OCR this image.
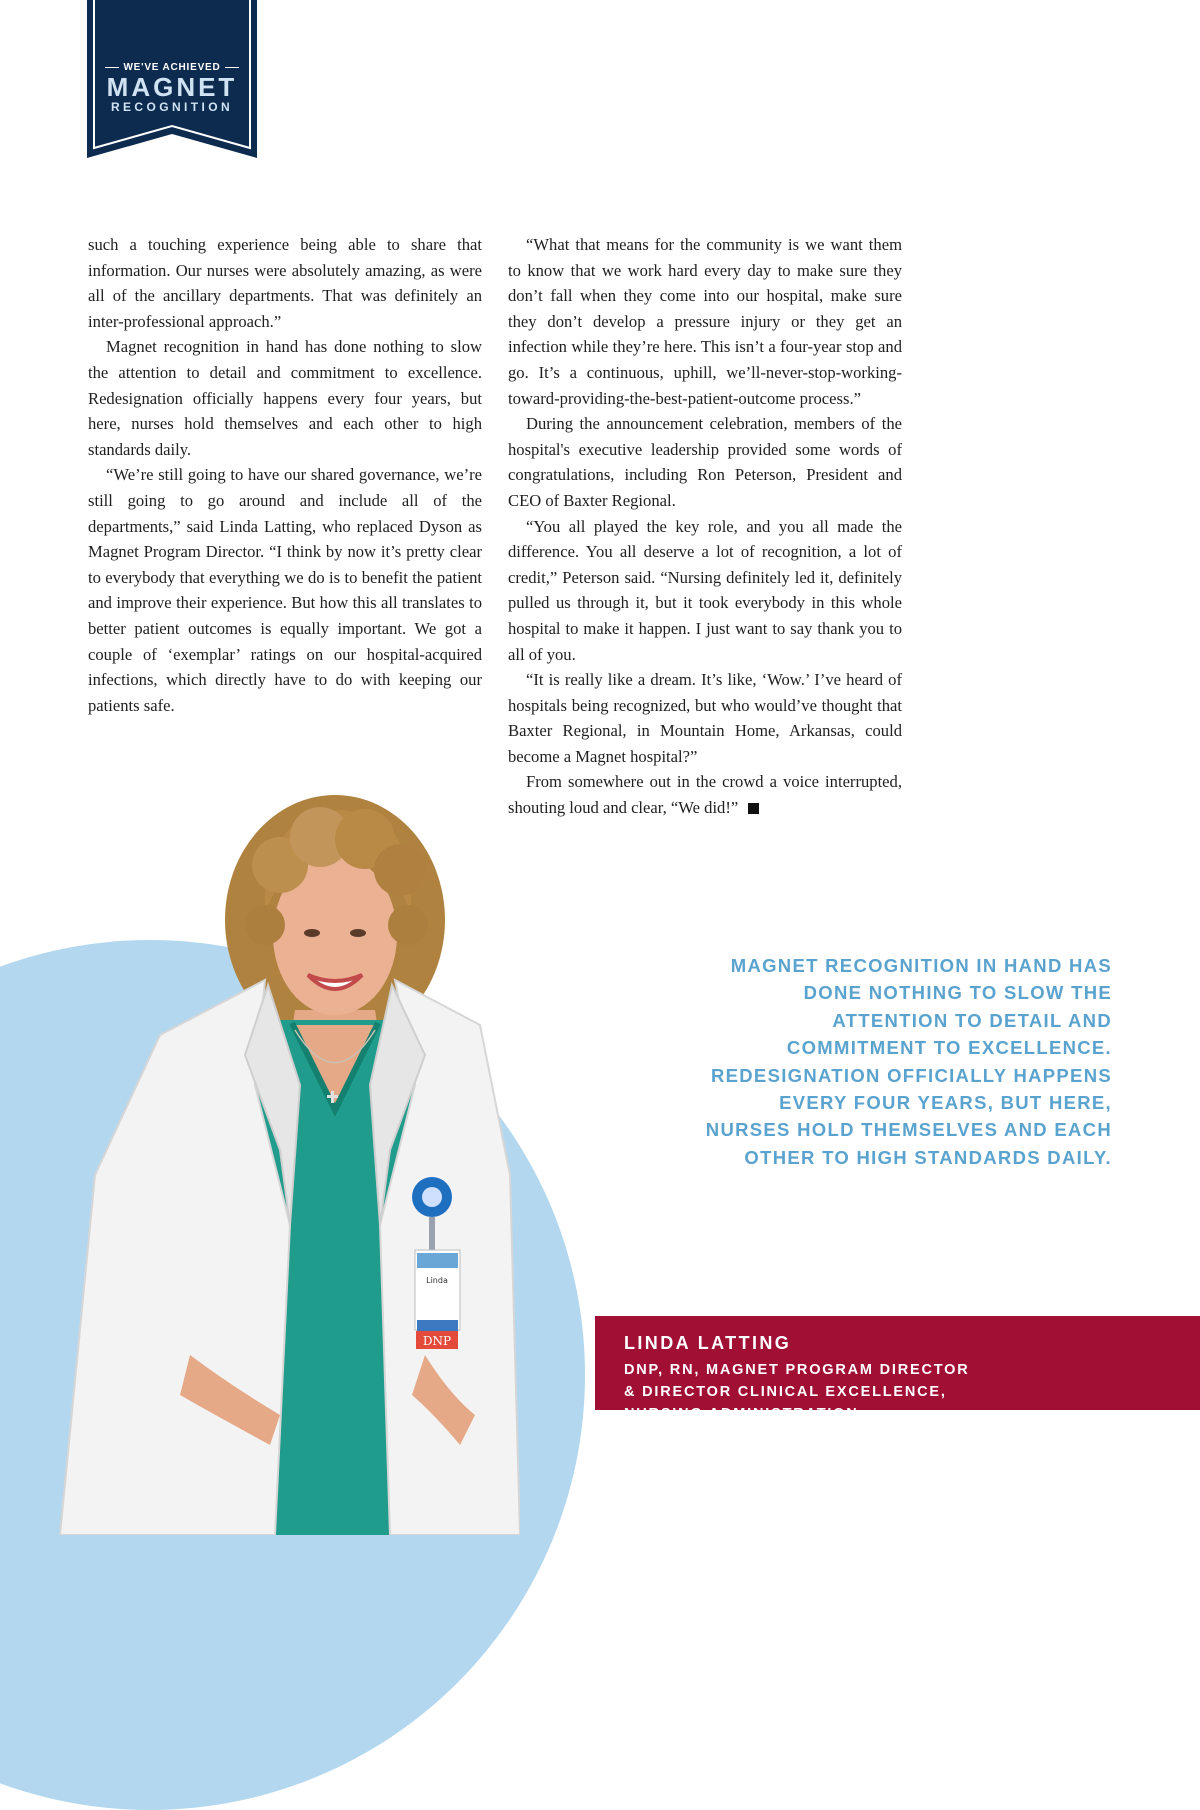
WE'VE ACHIEVED
MAGNET
RECOGNITION

such a touching experience being able to share that information. Our nurses were absolutely amazing, as were all of the ancillary departments. That was definitely an inter-professional approach.”

Magnet recognition in hand has done nothing to slow the attention to detail and commitment to excellence. Redesignation officially happens every four years, but here, nurses hold themselves and each other to high standards daily.

“We’re still going to have our shared governance, we’re still going to go around and include all of the departments,” said Linda Latting, who replaced Dyson as Magnet Program Director. “I think by now it’s pretty clear to everybody that everything we do is to benefit the patient and improve their experience. But how this all translates to better patient outcomes is equally important. We got a couple of ‘exemplar’ ratings on our hospital-acquired infections, which directly have to do with keeping our patients safe.

“What that means for the community is we want them to know that we work hard every day to make sure they don’t fall when they come into our hospital, make sure they don’t develop a pressure injury or they get an infection while they’re here. This isn’t a four-year stop and go. It’s a continuous, uphill, we’ll-never-stop-working-toward-providing-the-best-patient-outcome process.”

During the announcement celebration, members of the hospital's executive leadership provided some words of congratulations, including Ron Peterson, President and CEO of Baxter Regional.

“You all played the key role, and you all made the difference. You all deserve a lot of recognition, a lot of credit,” Peterson said. “Nursing definitely led it, definitely pulled us through it, but it took everybody in this whole hospital to make it happen. I just want to say thank you to all of you.

“It is really like a dream. It’s like, ‘Wow.’ I’ve heard of hospitals being recognized, but who would’ve thought that Baxter Regional, in Mountain Home, Arkansas, could become a Magnet hospital?”

From somewhere out in the crowd a voice interrupted, shouting loud and clear, “We did!”

Linda
DNP
MAGNET RECOGNITION IN HAND HAS DONE NOTHING TO SLOW THE ATTENTION TO DETAIL AND COMMITMENT TO EXCELLENCE. REDESIGNATION OFFICIALLY HAPPENS EVERY FOUR YEARS, BUT HERE, NURSES HOLD THEMSELVES AND EACH OTHER TO HIGH STANDARDS DAILY.
LINDA LATTING
DNP, RN, MAGNET PROGRAM DIRECTOR
& DIRECTOR CLINICAL EXCELLENCE,
NURSING ADMINISTRATION
